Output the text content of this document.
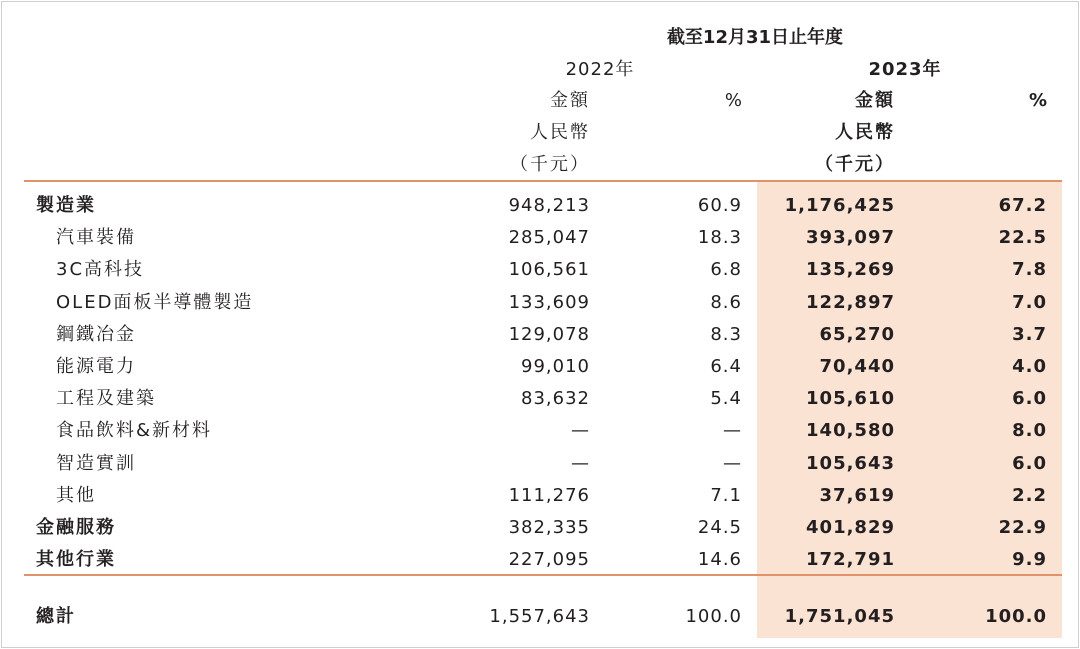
截至12月31日止年度
2022年	2023年
金額	%	金額	%
人民幣	人民幣
（千元）	（千元）
製造業	948,213	60.9	1,176,425	67.2
汽車裝備	285,047	18.3	393,097	22.5
3C高科技	106,561	6.8	135,269	7.8
OLED面板半導體製造	133,609	8.6	122,897	7.0
鋼鐵冶金	129,078	8.3	65,270	3.7
能源電力	99,010	6.4	70,440	4.0
工程及建築	83,632	5.4	105,610	6.0
食品飲料&新材料	—	—	140,580	8.0
智造實訓	—	—	105,643	6.0
其他	111,276	7.1	37,619	2.2
金融服務	382,335	24.5	401,829	22.9
其他行業	227,095	14.6	172,791	9.9
總計	1,557,643	100.0	1,751,045	100.0
